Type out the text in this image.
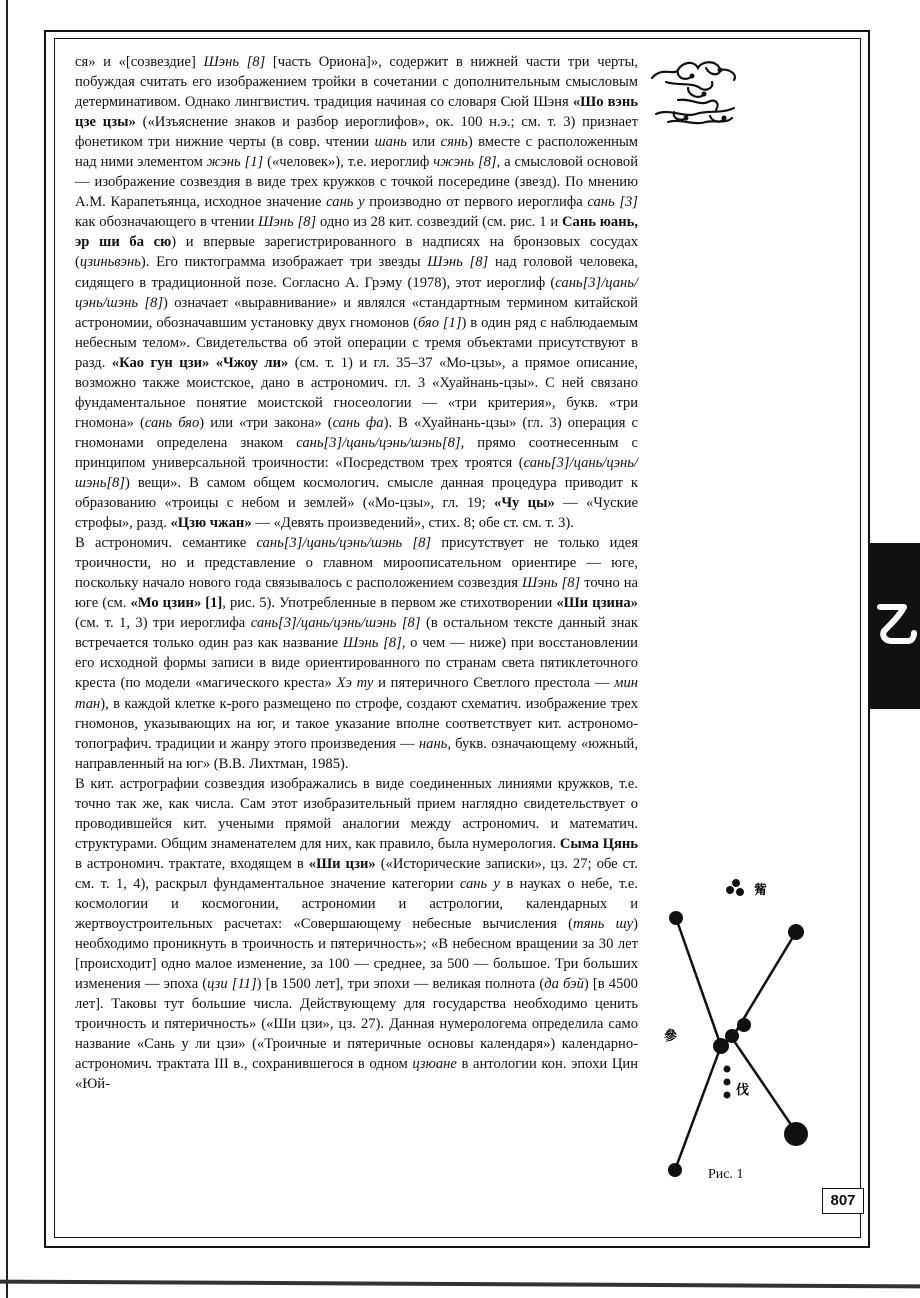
ся» и «[созвездие] Шэнь [8] [часть Ориона]», содержит в нижней части три черты, побуждая считать его изображением тройки в сочетании с дополнительным смысловым детерминативом. Однако лингвистич. традиция начиная со словаря Сюй Шэня «Шо вэнь цзе цзы» («Изъяснение знаков и разбор иероглифов», ок. 100 н.э.; см. т. 3) признает фонетиком три нижние черты (в совр. чтении шань или сянь) вместе с расположенным над ними элементом жэнь [1] («человек»), т.е. иероглиф чжэнь [8], а смысловой основой — изображение созвездия в виде трех кружков с точкой посередине (звезд). По мнению А.М. Карапетьянца, исходное значение сань у производно от первого иероглифа сань [3] как обозначающего в чтении Шэнь [8] одно из 28 кит. созвездий (см. рис. 1 и Сань юань, эр ши ба сю) и впервые зарегистрированного в надписях на бронзовых сосудах (цзиньвэнь). Его пиктограмма изображает три звезды Шэнь [8] над головой человека, сидящего в традиционной позе. Согласно А. Грэму (1978), этот иероглиф (сань[3]/цань/цэнь/шэнь [8]) означает «выравнивание» и являлся «стандартным термином китайской астрономии, обозначавшим установку двух гномонов (бяо [1]) в один ряд с наблюдаемым небесным телом». Свидетельства об этой операции с тремя объектами присутствуют в разд. «Као гун цзи» «Чжоу ли» (см. т. 1) и гл. 35–37 «Мо-цзы», а прямое описание, возможно также моистское, дано в астрономич. гл. 3 «Хуайнань-цзы». С ней связано фундаментальное понятие моистской гносеологии — «три критерия», букв. «три гномона» (сань бяо) или «три закона» (сань фа). В «Хуайнань-цзы» (гл. 3) операция с гномонами определена знаком сань[3]/цань/цэнь/шэнь[8], прямо соотнесенным с принципом универсальной троичности: «Посредством трех троятся (сань[3]/цань/цэнь/шэнь[8]) вещи». В самом общем космологич. смысле данная процедура приводит к образованию «троицы с небом и землей» («Мо-цзы», гл. 19; «Чу цы» — «Чуские строфы», разд. «Цзю чжан» — «Девять произведений», стих. 8; обе ст. см. т. 3).

В астрономич. семантике сань[3]/цань/цэнь/шэнь [8] присутствует не только идея троичности, но и представление о главном мироописательном ориентире — юге, поскольку начало нового года связывалось с расположением созвездия Шэнь [8] точно на юге (см. «Мо цзин» [1], рис. 5). Употребленные в первом же стихотворении «Ши цзина» (см. т. 1, 3) три иероглифа сань[3]/цань/цэнь/шэнь [8] (в остальном тексте данный знак встречается только один раз как название Шэнь [8], о чем — ниже) при восстановлении его исходной формы записи в виде ориентированного по странам света пятиклеточного креста (по модели «магического креста» Хэ ту и пятеричного Светлого престола — мин тан), в каждой клетке к-рого размещено по строфе, создают схематич. изображение трех гномонов, указывающих на юг, и такое указание вполне соответствует кит. астрономо-топографич. традиции и жанру этого произведения — нань, букв. означающему «южный, направленный на юг» (В.В. Лихтман, 1985).

В кит. астрографии созвездия изображались в виде соединенных линиями кружков, т.е. точно так же, как числа. Сам этот изобразительный прием наглядно свидетельствует о проводившейся кит. учеными прямой аналогии между астрономич. и математич. структурами. Общим знаменателем для них, как правило, была нумерология. Сыма Цянь в астрономич. трактате, входящем в «Ши цзи» («Исторические записки», цз. 27; обе ст. см. т. 1, 4), раскрыл фундаментальное значение категории сань у в науках о небе, т.е. космологии и космогонии, астрономии и астрологии, календарных и жертвоустроительных расчетах: «Совершающему небесные вычисления (тянь шу) необходимо проникнуть в троичность и пятеричность»; «В небесном вращении за 30 лет [происходит] одно малое изменение, за 100 — среднее, за 500 — большое. Три больших изменения — эпоха (цзи [11]) [в 1500 лет], три эпохи — великая полнота (да бэй) [в 4500 лет]. Таковы тут большие числа. Действующему для государства необходимо ценить троичность и пятеричность» («Ши цзи», цз. 27). Данная нумерологема определила само название «Сань у ли цзи» («Троичные и пятеричные основы календаря») календарно-астрономич. трактата III в., сохранившегося в одном цзюане в антологии кон. эпохи Цин «Юй-

參
伐
觜
Рис. 1
807
